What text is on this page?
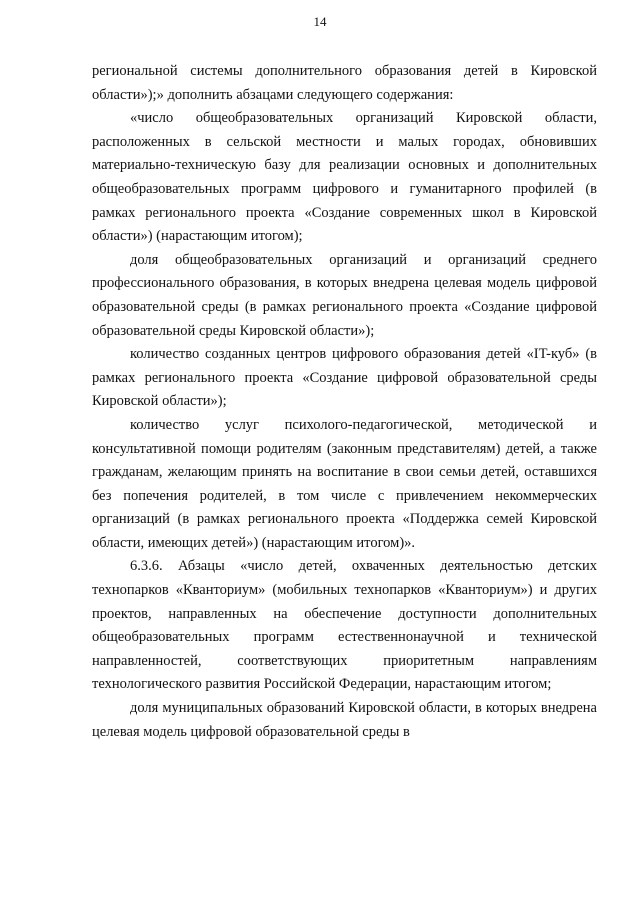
14

региональной системы дополнительного образования детей в Кировской области»);» дополнить абзацами следующего содержания:

«число общеобразовательных организаций Кировской области, расположенных в сельской местности и малых городах, обновивших материально-техническую базу для реализации основных и дополнительных общеобразовательных программ цифрового и гуманитарного профилей (в рамках регионального проекта «Создание современных школ в Кировской области») (нарастающим итогом);

доля общеобразовательных организаций и организаций среднего профессионального образования, в которых внедрена целевая модель цифровой образовательной среды (в рамках регионального проекта «Создание цифровой образовательной среды Кировской области»);

количество созданных центров цифрового образования детей «IT-куб» (в рамках регионального проекта «Создание цифровой образовательной среды Кировской области»);

количество услуг психолого-педагогической, методической и консультативной помощи родителям (законным представителям) детей, а также гражданам, желающим принять на воспитание в свои семьи детей, оставшихся без попечения родителей, в том числе с привлечением некоммерческих организаций (в рамках регионального проекта «Поддержка семей Кировской области, имеющих детей») (нарастающим итогом)».

6.3.6. Абзацы «число детей, охваченных деятельностью детских технопарков «Кванториум» (мобильных технопарков «Кванториум») и других проектов, направленных на обеспечение доступности дополнительных общеобразовательных программ естественнонаучной и технической направленностей, соответствующих приоритетным направлениям технологического развития Российской Федерации, нарастающим итогом;

доля муниципальных образований Кировской области, в которых внедрена целевая модель цифровой образовательной среды в
